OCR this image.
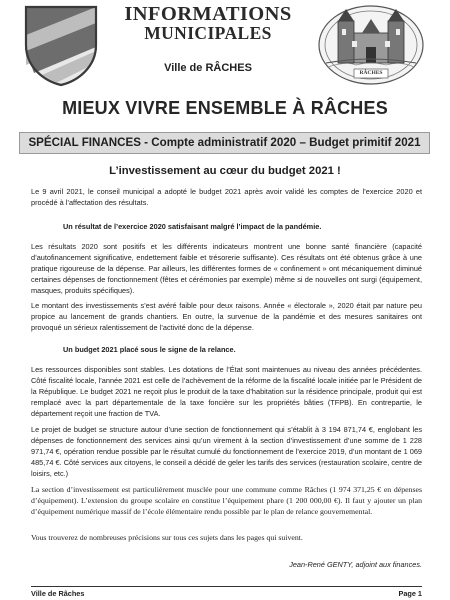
INFORMATIONS
MUNICIPALES
Ville de RÂCHES	RÂCHES
MIEUX VIVRE ENSEMBLE À RÂCHES
SPÉCIAL FINANCES - Compte administratif 2020 – Budget primitif 2021
L’investissement au cœur du budget 2021 !

Le 9 avril 2021, le conseil municipal a adopté le budget 2021 après avoir validé les comptes de l’exercice 2020 et procédé à l’affectation des résultats.

Un résultat de l’exercice 2020 satisfaisant malgré l’impact de la pandémie.

Les résultats 2020 sont positifs et les différents indicateurs montrent une bonne santé financière (capacité d’autofinancement significative, endettement faible et trésorerie suffisante). Ces résultats ont été obtenus grâce à une pratique rigoureuse de la dépense. Par ailleurs, les différentes formes de « confinement » ont mécaniquement diminué certaines dépenses de fonctionnement (fêtes et cérémonies par exemple) même si de nouvelles ont surgi (équipement, masques, produits spécifiques).

Le montant des investissements s’est avéré faible pour deux raisons. Année « électorale », 2020 était par nature peu propice au lancement de grands chantiers. En outre, la survenue de la pandémie et des mesures sanitaires ont provoqué un sérieux ralentissement de l’activité donc de la dépense.

Un budget 2021 placé sous le signe de la relance.

Les ressources disponibles sont stables. Les dotations de l’État sont maintenues au niveau des années précédentes. Côté fiscalité locale, l’année 2021 est celle de l’achèvement de la réforme de la fiscalité locale initiée par le Président de la République. Le budget 2021 ne reçoit plus le produit de la taxe d’habitation sur la résidence principale, produit qui est remplacé avec la part départementale de la taxe foncière sur les propriétés bâties (TFPB). En contrepartie, le département reçoit une fraction de TVA.

Le projet de budget se structure autour d’une section de fonctionnement qui s’établit à 3 194 871,74 €, englobant les dépenses de fonctionnement des services ainsi qu’un virement à la section d’investissement d’une somme de 1 228 971,74 €, opération rendue possible par le résultat cumulé du fonctionnement de l’exercice 2019, d’un montant de 1 069 485,74 €. Côté services aux citoyens, le conseil a décidé de geler les tarifs des services (restauration scolaire, centre de loisirs, etc.)

La section d’investissement est particulièrement musclée pour une commune comme Râches (1 974 371,25 € en dépenses d’équipement). L’extension du groupe scolaire en constitue l’équipement phare (1 200 000,00 €). Il faut y ajouter un plan d’équipement numérique massif de l’école élémentaire rendu possible par le plan de relance gouvernemental.

Vous trouverez de nombreuses précisions sur tous ces sujets dans les pages qui suivent.

Jean-René GENTY, adjoint aux finances.
Ville de Râches	Page 1
